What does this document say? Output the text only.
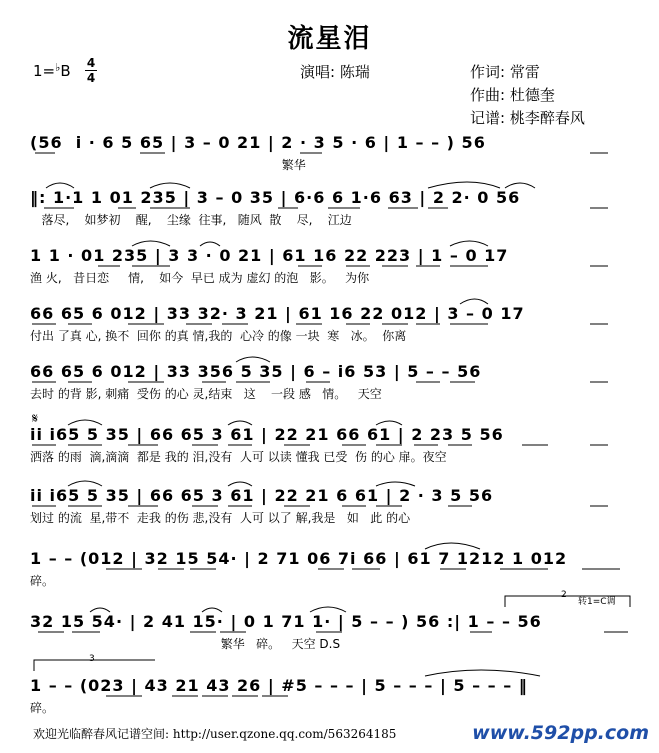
流星泪
1=♭B 4
4	演唱: 陈瑞	作词: 常雷
作曲: 杜德奎
记谱: 桃李醉春风
(56  i · 6 5 65 | 3 – 0 21 | 2 · 3 5 · 6 | 1 – – ) 56
繁华
‖: 1·1 1 01 235 | 3 – 0 35 | 6·6 6 1·6 63 | 2 2· 0 56
落尽,    如梦初    醒,    尘缘  往事,   随风  散    尽,    江边
1 1 · 01 235 | 3 3 · 0 21 | 61 16 22 223 | 1 – 0 17
渔 火,   昔日恋     情,    如今  早已 成为 虚幻 的泡   影。   为你
66 65 6 012 | 33 32· 3 21 | 61 16 22 012 | 3 – 0 17
付出 了真 心, 换不  回你 的真 情,我的  心冷 的像 一块  寒   冰。  你离
66 65 6 012 | 33 356 5 35 | 6 – i6 53 | 5 – – 56
去时 的背 影, 刺痛  受伤 的心 灵,结束   这    一段 感   情。   天空
ii i65 5 35 | 66 65 3 61 | 22 21 66 61 | 2 23 5 56
洒落 的雨  滴,滴滴  都是 我的 泪,没有  人可 以读 懂我 已受  伤 的心 扉。夜空
𝄋
ii i65 5 35 | 66 65 3 61 | 22 21 6 61 | 2 · 3 5 56
划过 的流  星,带不  走我 的伤 悲,没有  人可 以了 解,我是   如   此 的心
1 – – (012 | 32 15 54· | 2 71 06 7i 66 | 61 7 1212 1 012
碎。
32 15 54· | 2 41 15· | 0 1 71 1· | 5 – – ) 56 :| 1 – – 56
繁华   碎。   天空 D.S
2
转1=C调
1 – – (023 | 43 21 43 26 | #5 – – – | 5 – – – | 5 – – – ‖
碎。
3
欢迎光临醉春风记谱空间: http://user.qzone.qq.com/563264185	www.592pp.com
